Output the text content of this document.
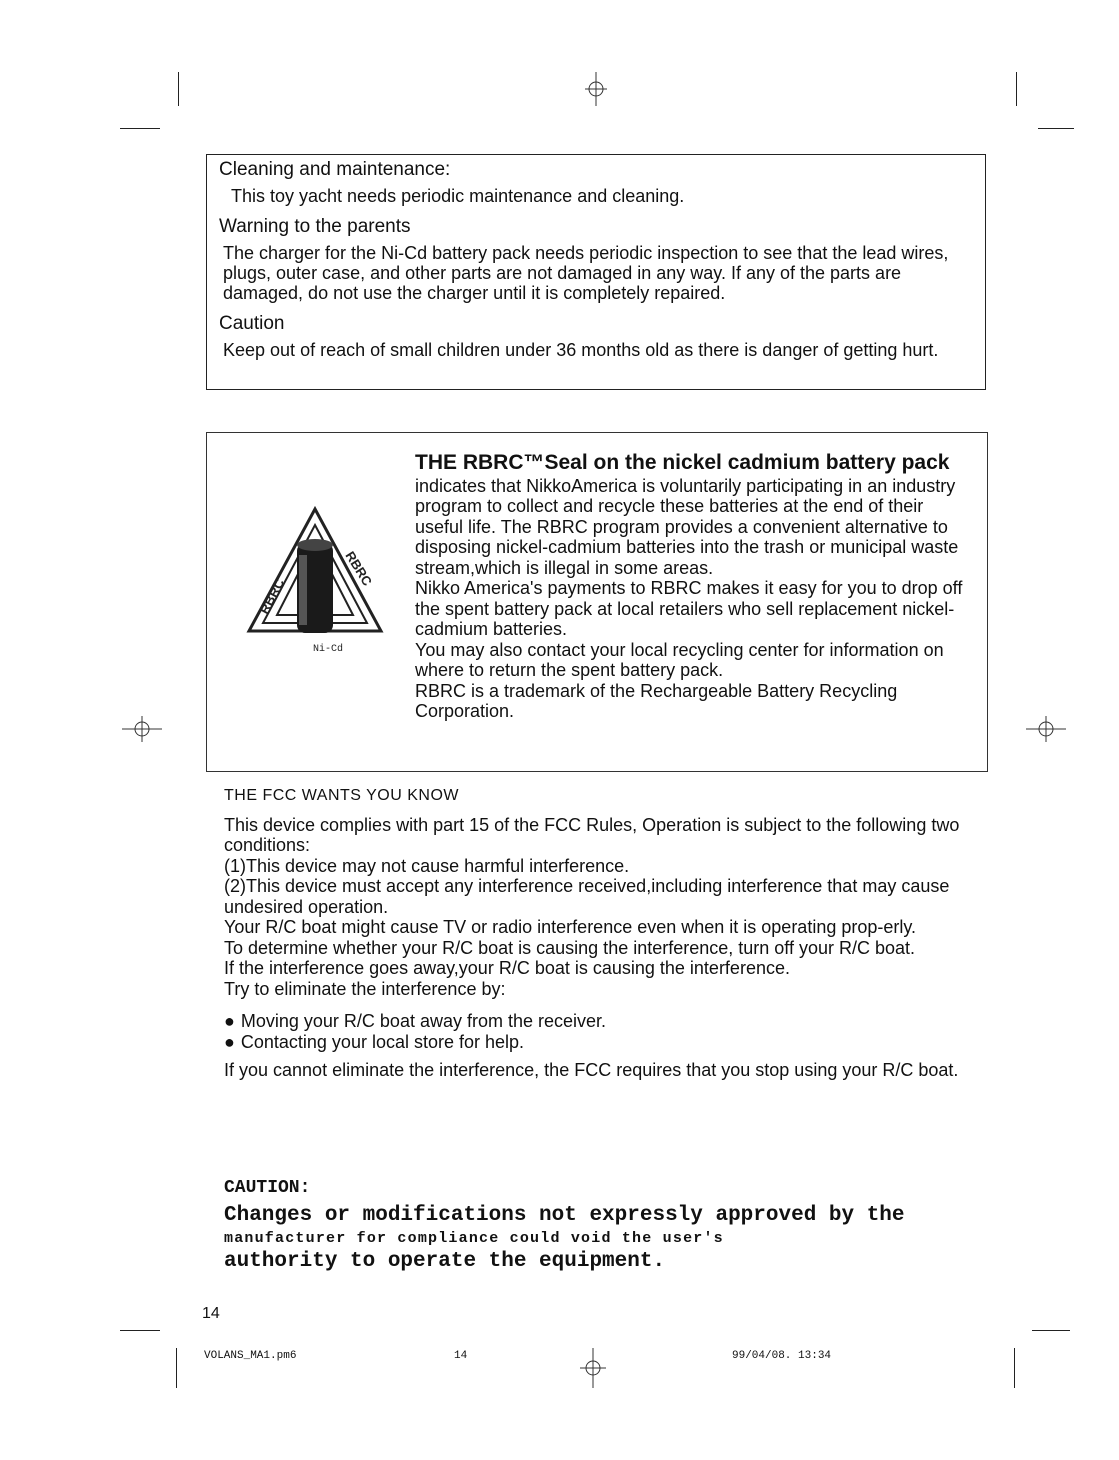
Cleaning and maintenance:
This toy yacht needs periodic maintenance and cleaning.
Warning to the parents
The charger for the Ni-Cd battery pack needs periodic inspection to see that the lead wires, plugs, outer case, and other parts are not damaged in any way. If any of the parts are damaged, do not use the charger until it is completely repaired.
Caution
Keep out of reach of small children under 36 months old as there is danger of getting hurt.
RBRC
RBRC
Ni-Cd
THE RBRC™Seal on the nickel cadmium battery pack
indicates that NikkoAmerica is voluntarily participating in an industry program to collect and recycle these batteries at the end of their useful life. The RBRC program provides a convenient alternative to disposing nickel-cadmium batteries into the trash or municipal waste stream,which is illegal in some areas.
Nikko America's payments to RBRC makes it easy for you to drop off the spent battery pack at local retailers who sell replacement nickel-cadmium batteries.
You may also contact your local recycling center for information on where to return the spent battery pack.
RBRC is a trademark of the Rechargeable Battery Recycling Corporation.
THE FCC WANTS YOU KNOW
This device complies with part 15 of the FCC Rules, Operation is subject to the following two conditions:
(1)This device may not cause harmful interference.
(2)This device must accept any interference received,including interference that may cause undesired operation.
Your R/C boat might cause TV or radio interference even when it is operating prop-erly.
To determine whether your R/C boat is causing the interference, turn off your R/C boat.
If the interference goes away,your R/C boat is causing the interference.
Try to eliminate the interference by:
● Moving your R/C boat away from the receiver.
● Contacting your local store for help.
If you cannot eliminate the interference, the FCC requires that you stop using your R/C boat.
CAUTION:
Changes or modifications not expressly approved by the
manufacturer for compliance could void the user's
authority to operate the equipment.
14
VOLANS_MA1.pm6	14	99/04/08. 13:34
